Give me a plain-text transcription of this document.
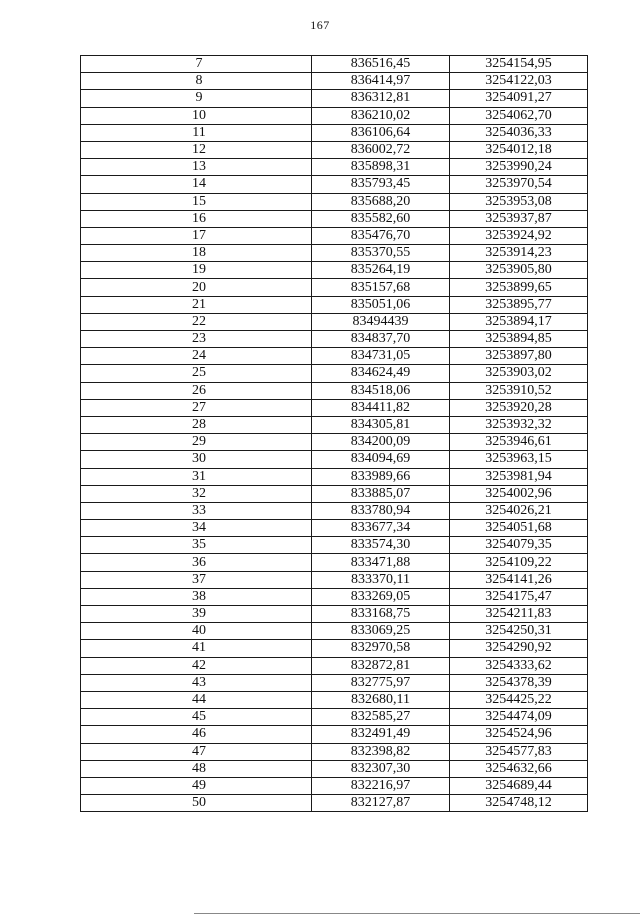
167
7	836516,45	3254154,95
8	836414,97	3254122,03
9	836312,81	3254091,27
10	836210,02	3254062,70
11	836106,64	3254036,33
12	836002,72	3254012,18
13	835898,31	3253990,24
14	835793,45	3253970,54
15	835688,20	3253953,08
16	835582,60	3253937,87
17	835476,70	3253924,92
18	835370,55	3253914,23
19	835264,19	3253905,80
20	835157,68	3253899,65
21	835051,06	3253895,77
22	83494439	3253894,17
23	834837,70	3253894,85
24	834731,05	3253897,80
25	834624,49	3253903,02
26	834518,06	3253910,52
27	834411,82	3253920,28
28	834305,81	3253932,32
29	834200,09	3253946,61
30	834094,69	3253963,15
31	833989,66	3253981,94
32	833885,07	3254002,96
33	833780,94	3254026,21
34	833677,34	3254051,68
35	833574,30	3254079,35
36	833471,88	3254109,22
37	833370,11	3254141,26
38	833269,05	3254175,47
39	833168,75	3254211,83
40	833069,25	3254250,31
41	832970,58	3254290,92
42	832872,81	3254333,62
43	832775,97	3254378,39
44	832680,11	3254425,22
45	832585,27	3254474,09
46	832491,49	3254524,96
47	832398,82	3254577,83
48	832307,30	3254632,66
49	832216,97	3254689,44
50	832127,87	3254748,12
